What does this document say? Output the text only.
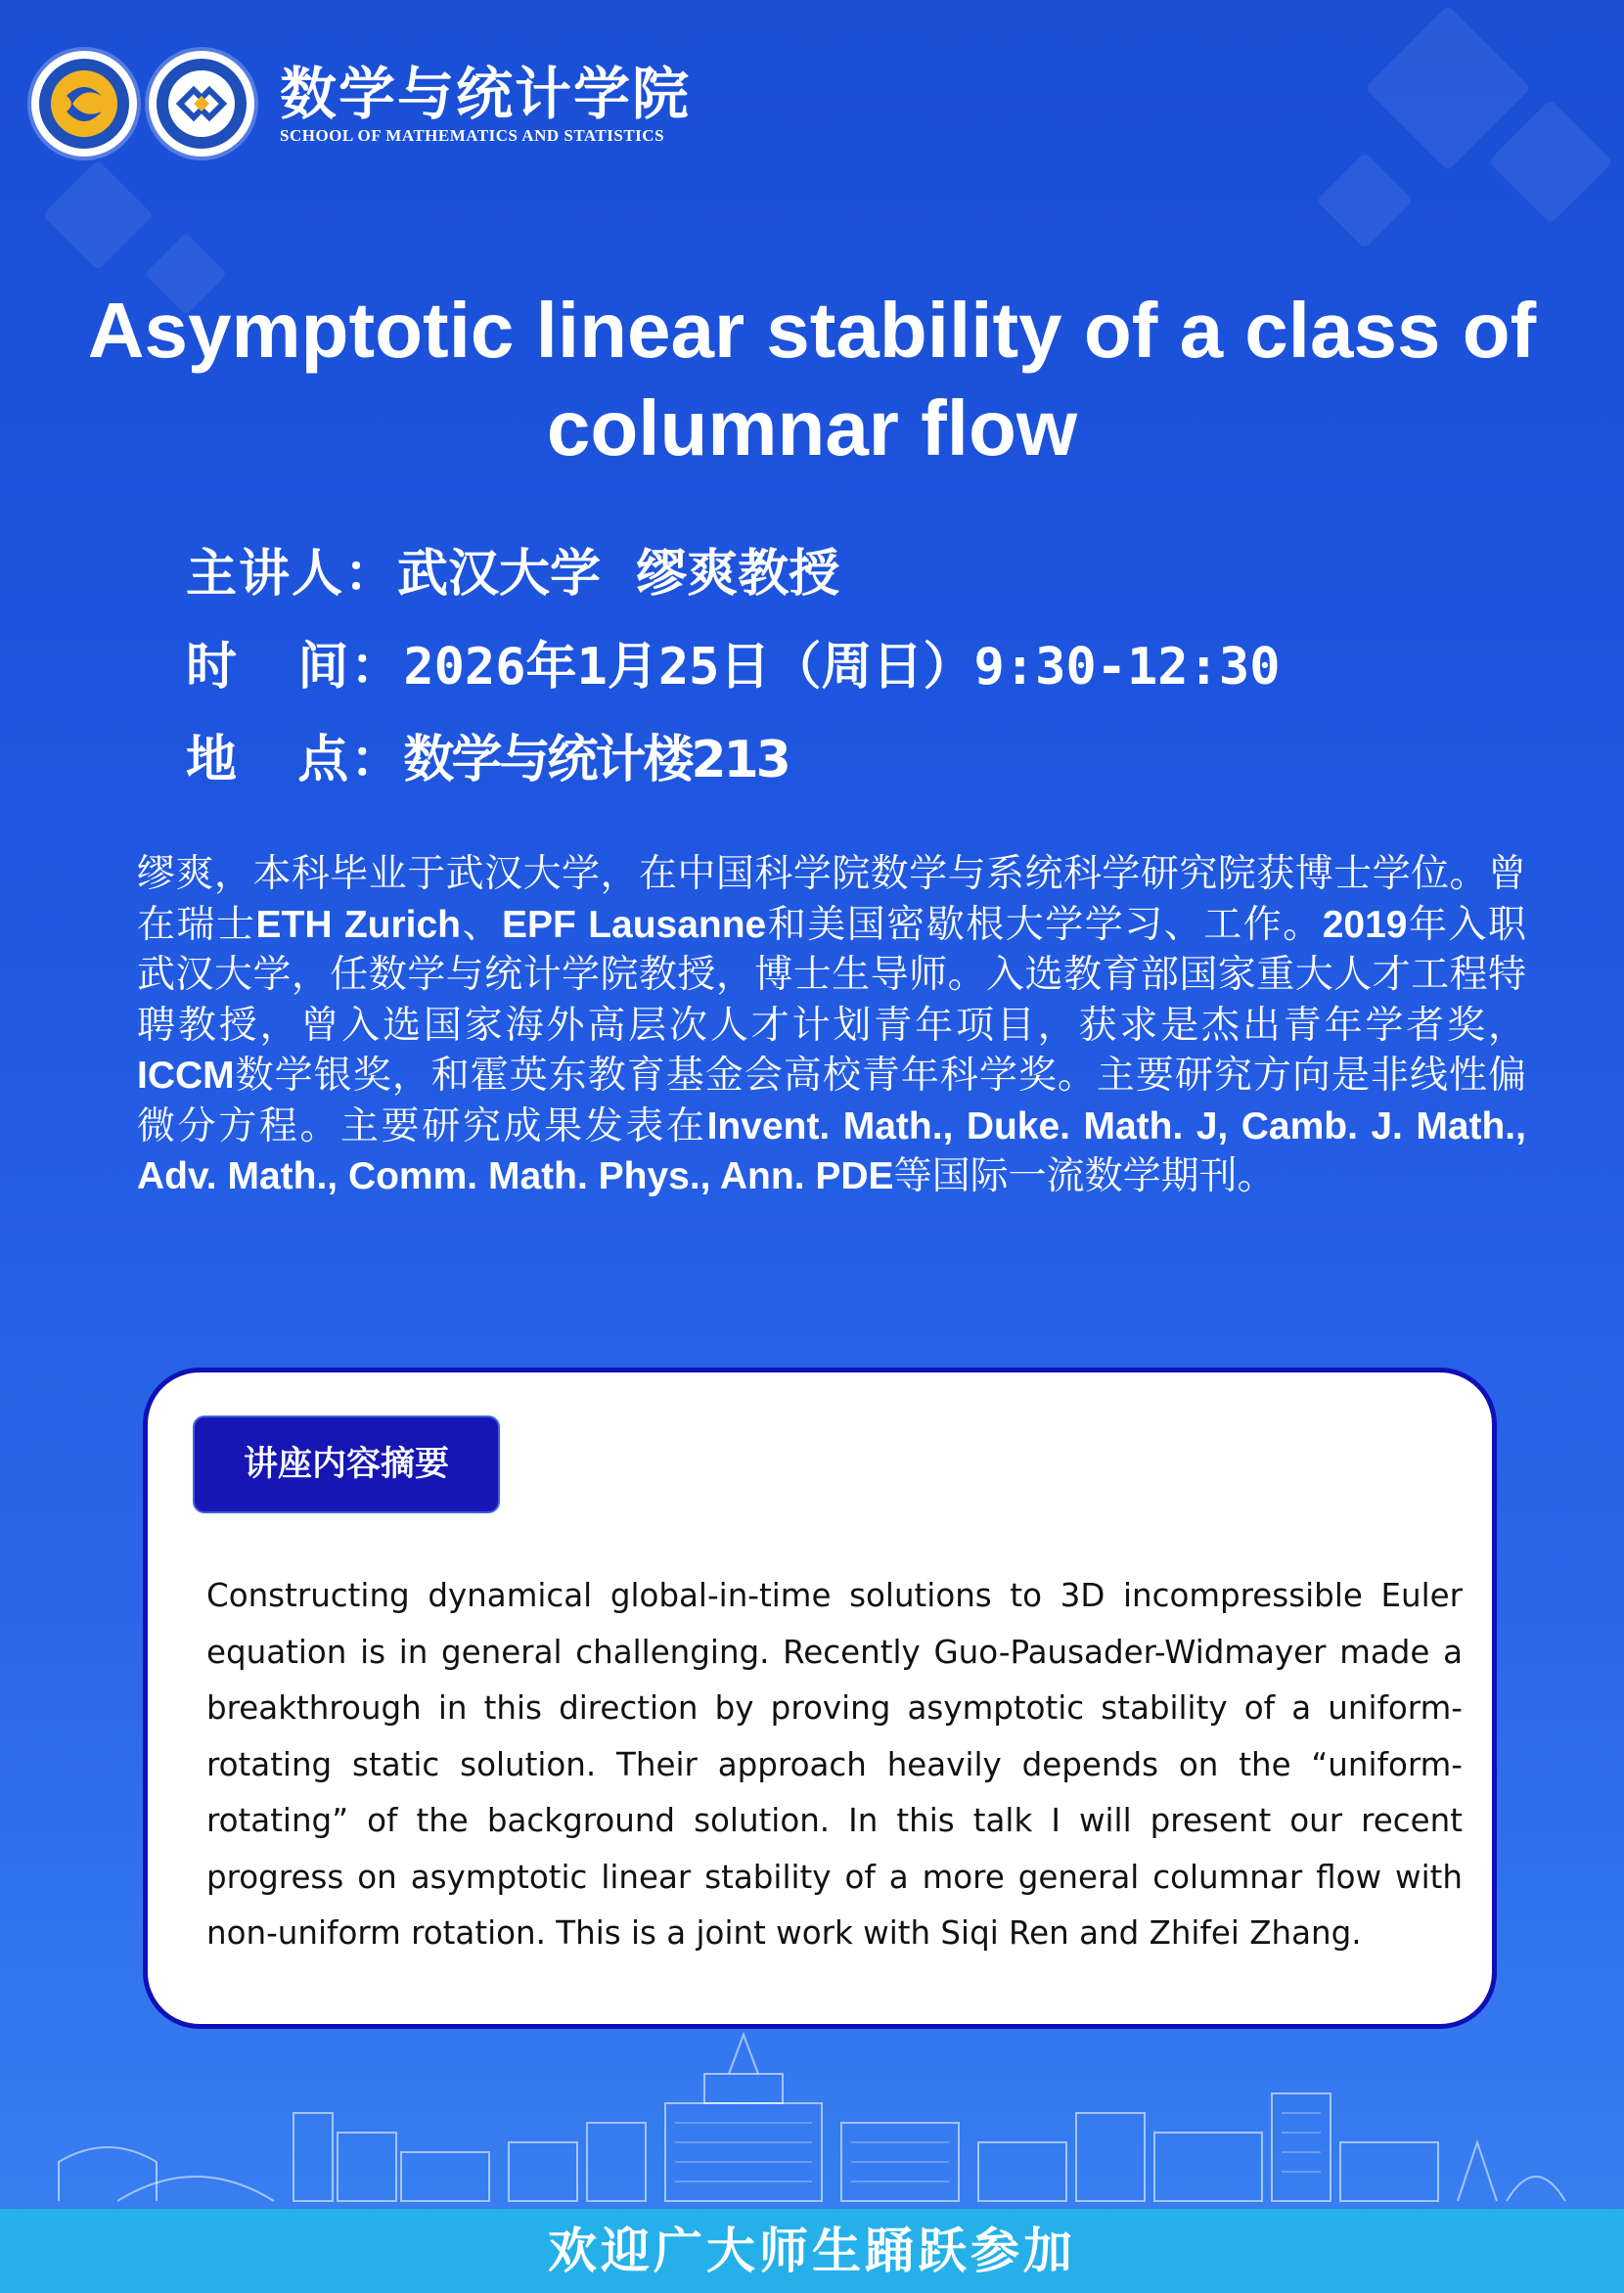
数学与统计学院
SCHOOL OF MATHEMATICS AND STATISTICS
Asymptotic linear stability of a class of
columnar flow
主讲人：武汉大学  缪爽教授
时   间：2026年1月25日（周日）9:30-12:30
地   点：数学与统计楼213
缪爽，本科毕业于武汉大学，在中国科学院数学与系统科学研究院获博士学位。曾在瑞士ETH Zurich、EPF Lausanne和美国密歇根大学学习、工作。2019年入职武汉大学，任数学与统计学院教授，博士生导师。入选教育部国家重大人才工程特聘教授，曾入选国家海外高层次人才计划青年项目，获求是杰出青年学者奖，ICCM数学银奖，和霍英东教育基金会高校青年科学奖。主要研究方向是非线性偏微分方程。主要研究成果发表在Invent. Math., Duke. Math. J, Camb. J. Math., Adv. Math., Comm. Math. Phys., Ann. PDE等国际一流数学期刊。
讲座内容摘要
Constructing dynamical global-in-time solutions to 3D incompressible Euler equation is in general challenging. Recently Guo-Pausader-Widmayer made a breakthrough in this direction by proving asymptotic stability of a uniform-rotating static solution. Their approach heavily depends on the “uniform-rotating” of the background solution. In this talk I will present our recent progress on asymptotic linear stability of a more general columnar flow with non-uniform rotation. This is a joint work with Siqi Ren and Zhifei Zhang.
欢迎广大师生踊跃参加
